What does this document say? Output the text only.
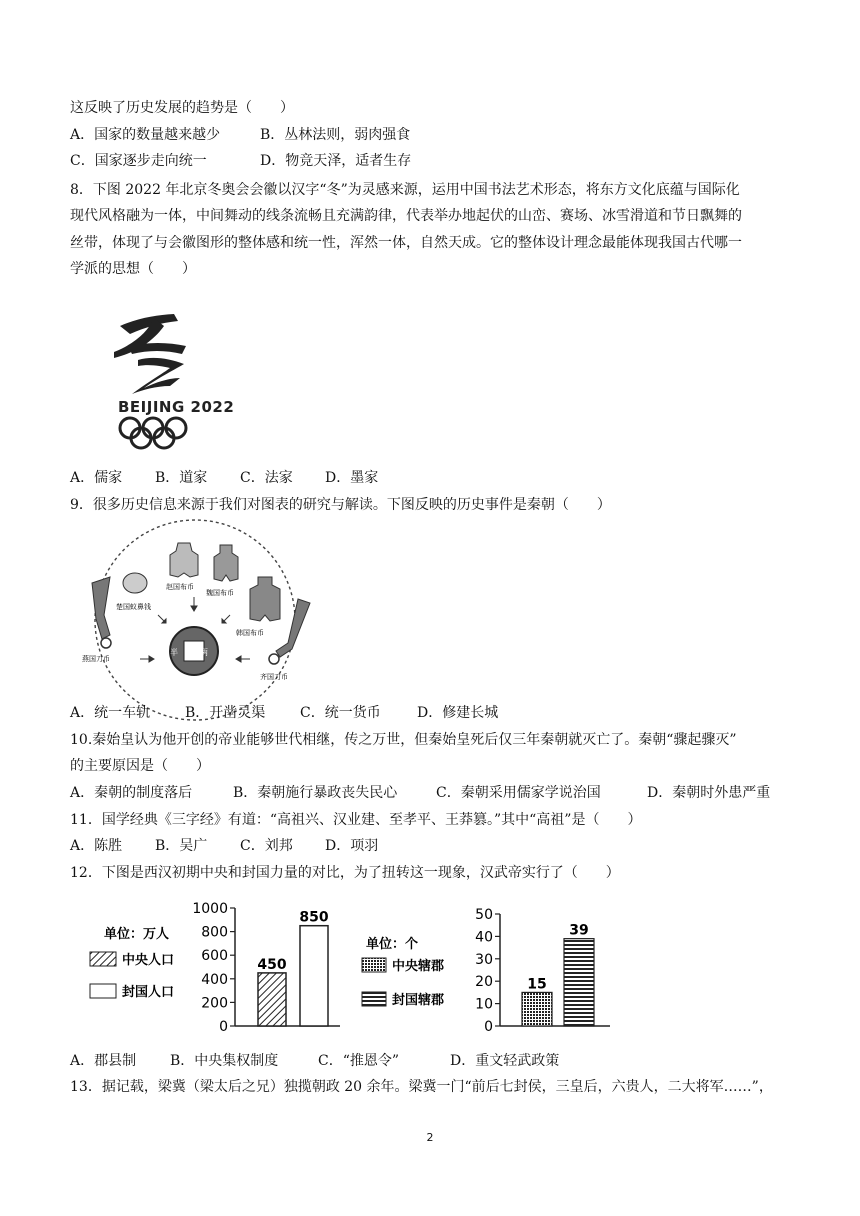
这反映了历史发展的趋势是（　　）
A．国家的数量越来越少	B．丛林法则，弱肉强食
C．国家逐步走向统一	D．物竞天泽，适者生存
8．下图 2022 年北京冬奥会会徽以汉字“冬”为灵感来源，运用中国书法艺术形态，将东方文化底蕴与国际化
现代风格融为一体，中间舞动的线条流畅且充满韵律，代表举办地起伏的山峦、赛场、冰雪滑道和节日飘舞的
丝带，体现了与会徽图形的整体感和统一性，浑然一体，自然天成。它的整体设计理念最能体现我国古代哪一
学派的思想（　　）
BEIJING 2022
A．儒家 B．道家 C．法家 D．墨家
9．很多历史信息来源于我们对图表的研究与解读。下图反映的历史事件是秦朝（　　）
赵国布币
魏国布币
楚国蚁鼻钱
韩国布币
燕国刀币
齐国刀币
半两
A．统一车轨 B．开凿灵渠 C．统一货币	D．修建长城
10.秦始皇认为他开创的帝业能够世代相继，传之万世，但秦始皇死后仅三年秦朝就灭亡了。秦朝“骤起骤灭”
的主要原因是（　　）
A．秦朝的制度落后	B．秦朝施行暴政丧失民心	C．秦朝采用儒家学说治国	D．秦朝时外患严重
11．国学经典《三字经》有道：“高祖兴、汉业建、至孝平、王莽篡。”其中“高祖”是（　　）
A．陈胜 B．吴广 C．刘邦 D．项羽
12．下图是西汉初期中央和封国力量的对比，为了扭转这一现象，汉武帝实行了（　　）
单位：万人
中央人口
封国人口
1000
800
600
400
200
0
450
850
单位：个
中央辖郡
封国辖郡
50
40
30
20
10
0
15
39
A．郡县制 B．中央集权制度	C．“推恩令”	D．重文轻武政策
13．据记载，梁冀（梁太后之兄）独揽朝政 20 余年。梁冀一门“前后七封侯，三皇后，六贵人，二大将军……”，
2
